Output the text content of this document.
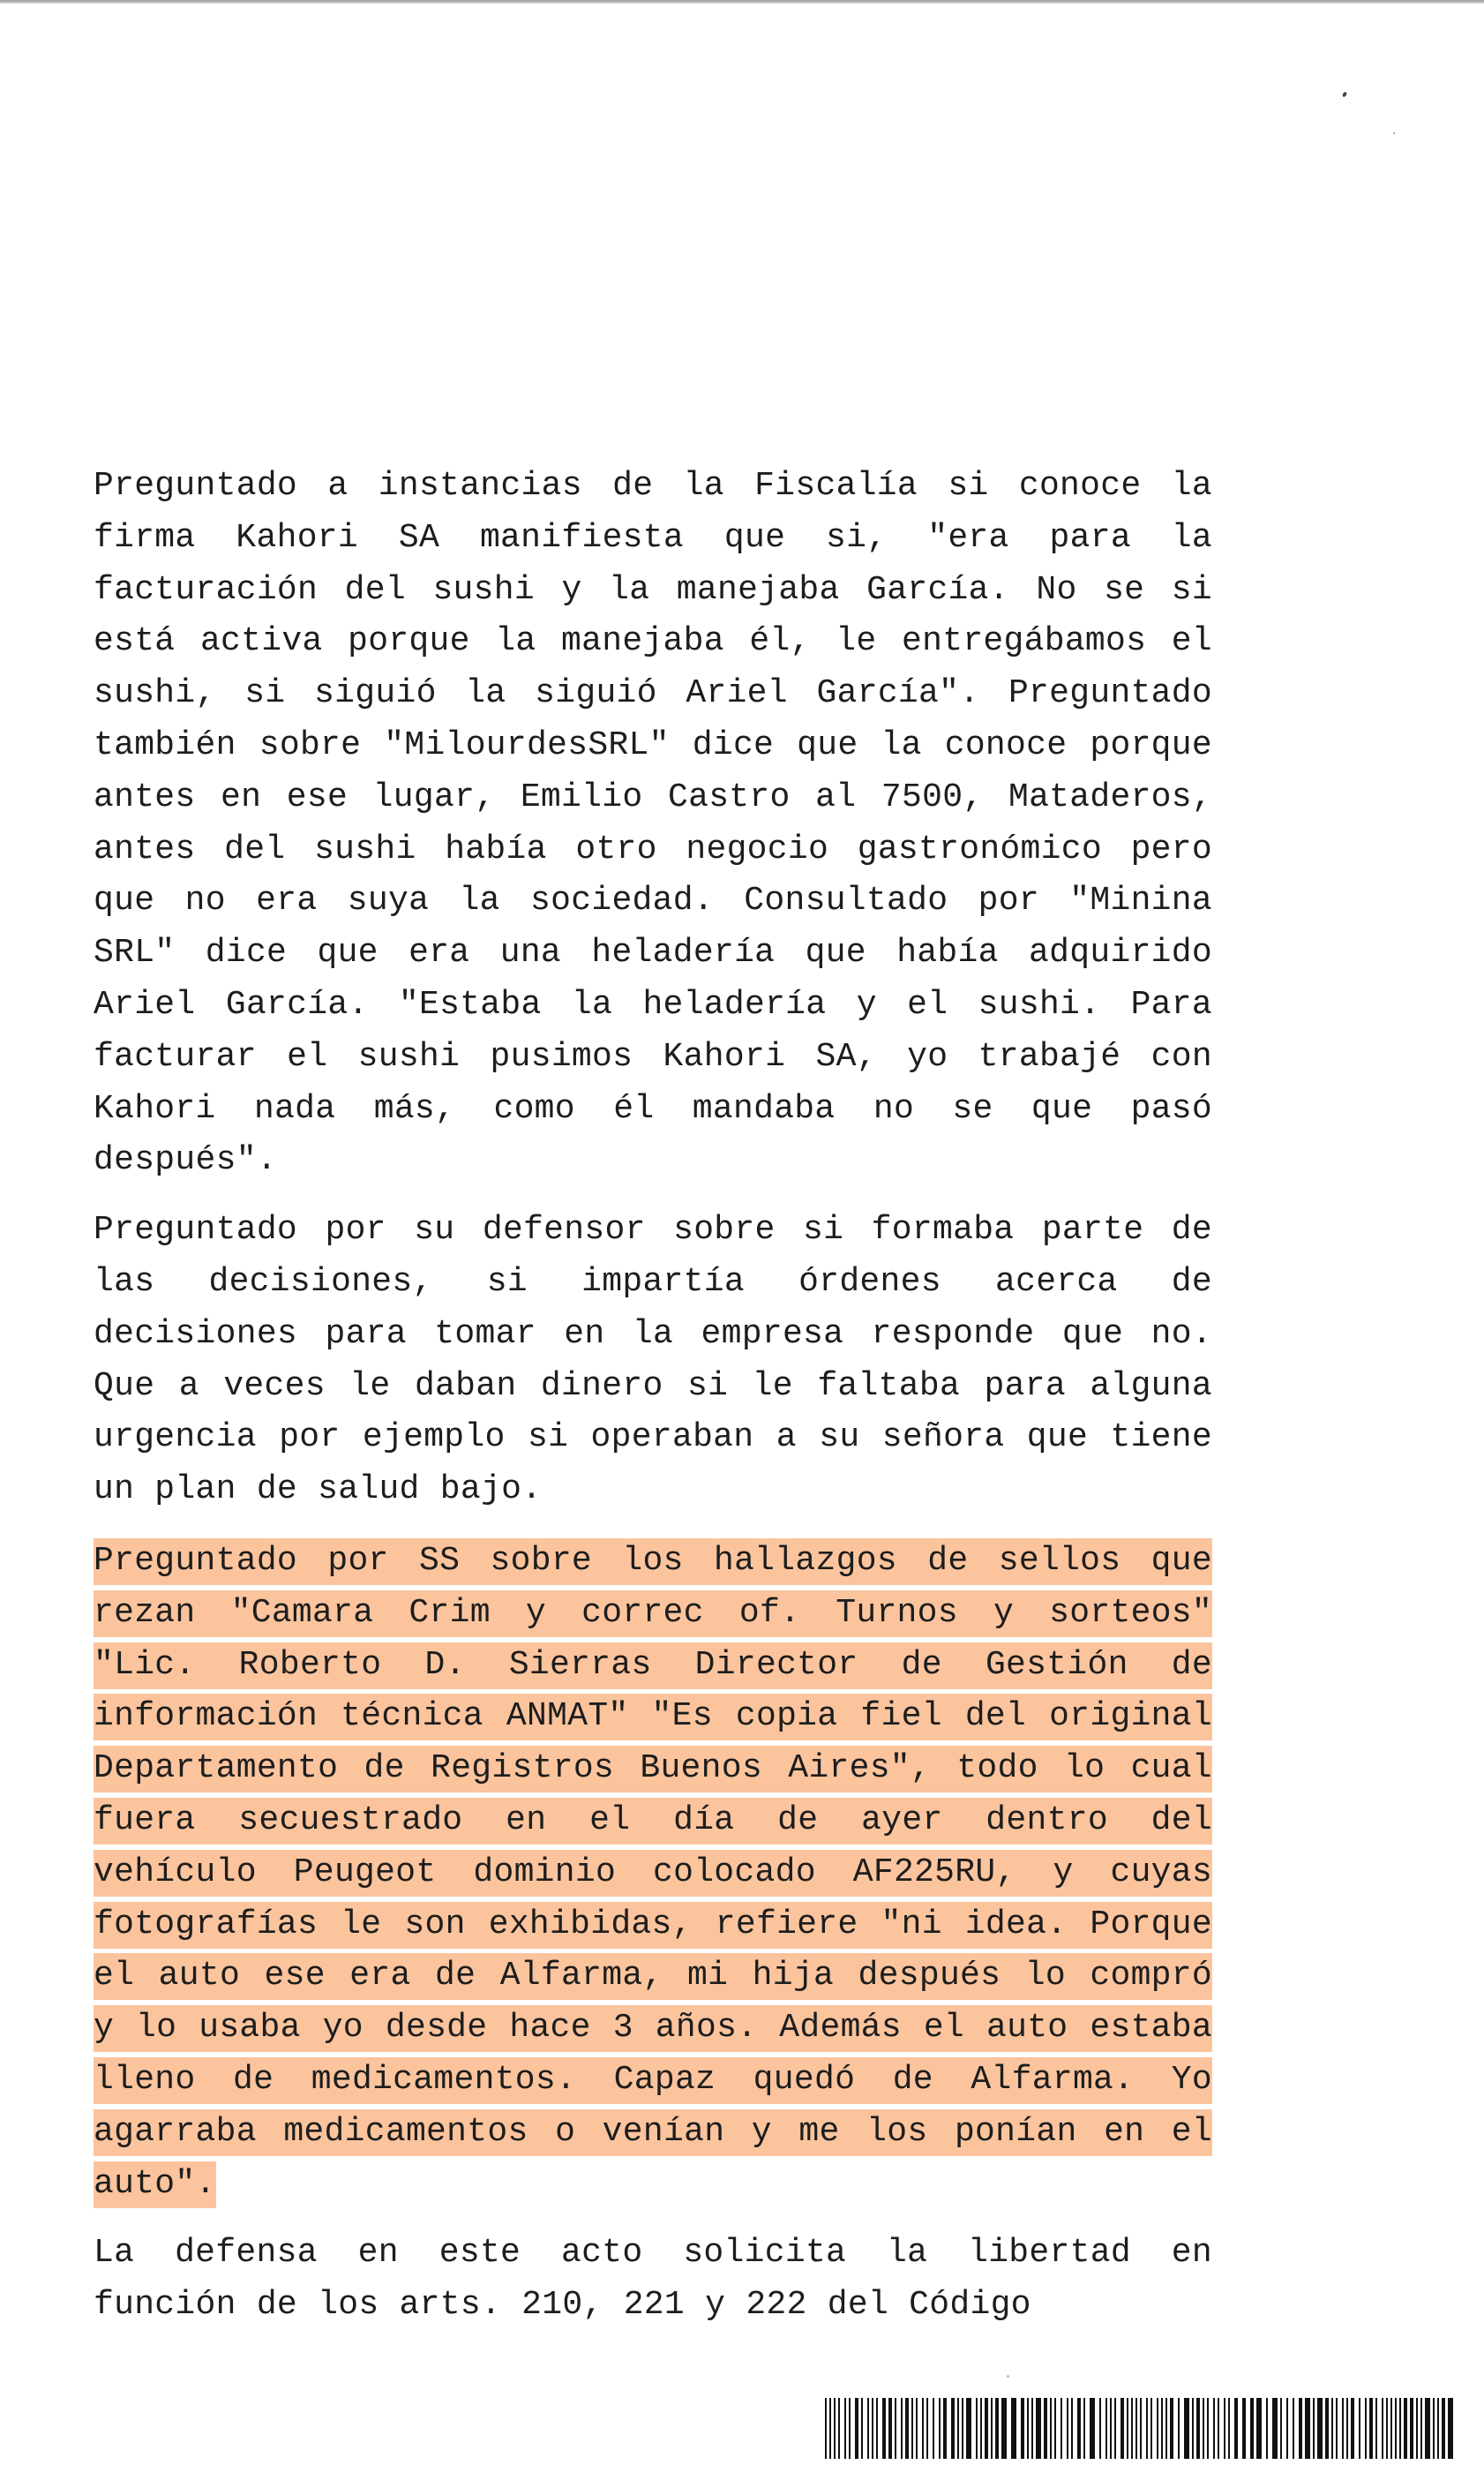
Preguntado a instancias de la Fiscalía si conoce la firma Kahori SA manifiesta que si, "era para la facturación del sushi y la manejaba García. No se si está activa porque la manejaba él, le entregábamos el sushi, si siguió la siguió Ariel García". Preguntado también sobre "MilourdesSRL" dice que la conoce porque antes en ese lugar, Emilio Castro al 7500, Mataderos, antes del sushi había otro negocio gastronómico pero que no era suya la sociedad. Consultado por "Minina SRL" dice que era una heladería que había adquirido Ariel García. "Estaba la heladería y el sushi. Para facturar el sushi pusimos Kahori SA, yo trabajé con Kahori nada más, como él mandaba no se que pasó después".

Preguntado por su defensor sobre si formaba parte de las decisiones, si impartía órdenes acerca de decisiones para tomar en la empresa responde que no. Que a veces le daban dinero si le faltaba para alguna urgencia por ejemplo si operaban a su señora que tiene un plan de salud bajo.

Preguntado por SS sobre los hallazgos de sellos que rezan "Camara Crim y correc of. Turnos y sorteos" "Lic. Roberto D. Sierras Director de Gestión de información técnica ANMAT" "Es copia fiel del original Departamento de Registros Buenos Aires", todo lo cual fuera secuestrado en el día de ayer dentro del vehículo Peugeot dominio colocado AF225RU, y cuyas fotografías le son exhibidas, refiere "ni idea. Porque el auto ese era de Alfarma, mi hija después lo compró y lo usaba yo desde hace 3 años. Además el auto estaba lleno de medicamentos. Capaz quedó de Alfarma. Yo agarraba medicamentos o venían y me los ponían en el auto".

La defensa en este acto solicita la libertad en función de los arts. 210, 221 y 222 del Código
